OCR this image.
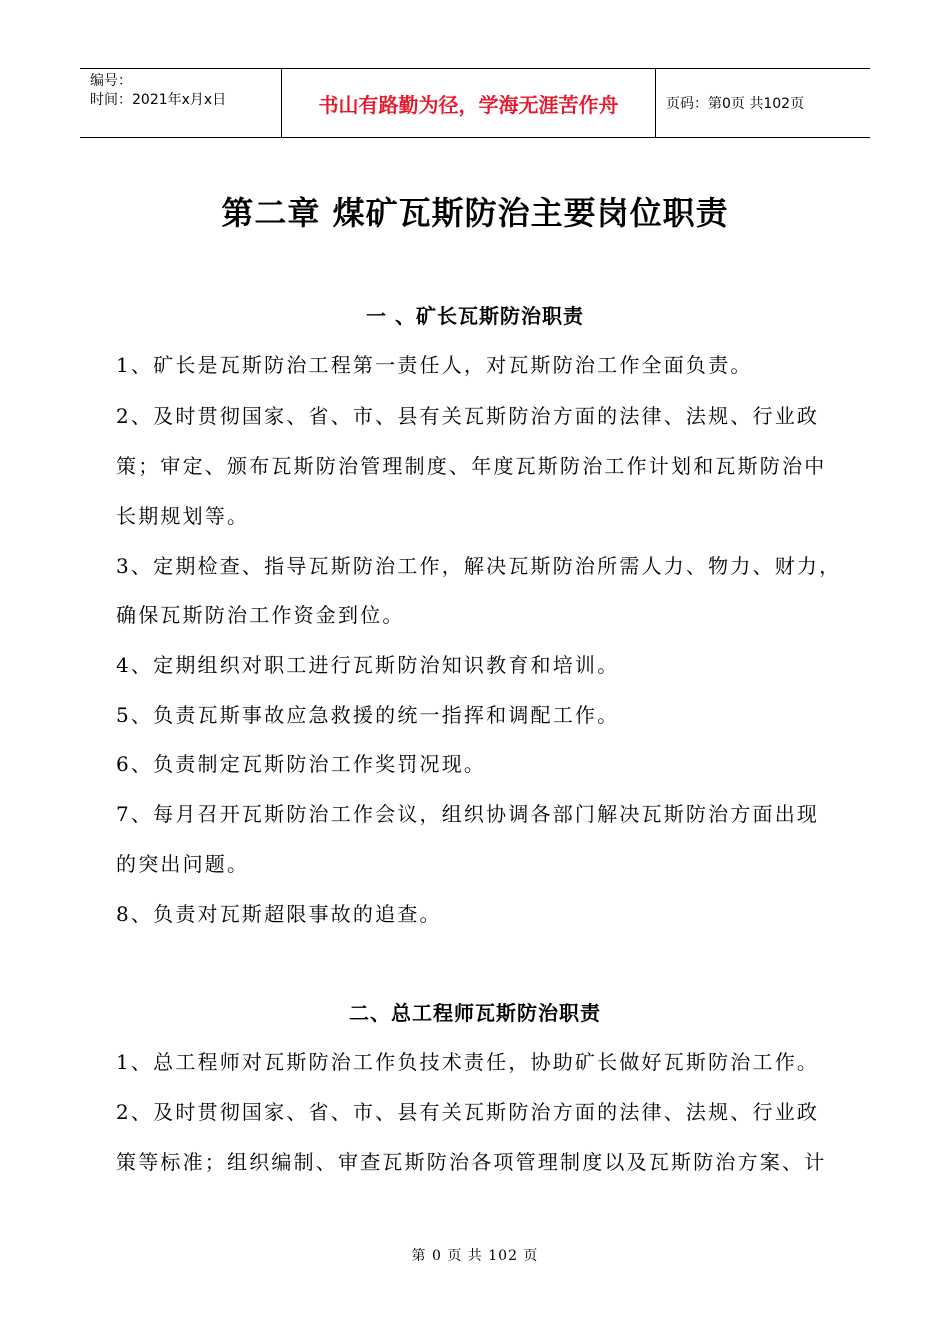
编号：
时间：2021年x月x日	书山有路勤为径，学海无涯苦作舟	页码：第0页 共102页
第二章 煤矿瓦斯防治主要岗位职责
一 、矿长瓦斯防治职责
1、矿长是瓦斯防治工程第一责任人，对瓦斯防治工作全面负责。
2、及时贯彻国家、省、市、县有关瓦斯防治方面的法律、法规、行业政
策；审定、颁布瓦斯防治管理制度、年度瓦斯防治工作计划和瓦斯防治中
长期规划等。
3、定期检查、指导瓦斯防治工作，解决瓦斯防治所需人力、物力、财力，
确保瓦斯防治工作资金到位。
4、定期组织对职工进行瓦斯防治知识教育和培训。
5、负责瓦斯事故应急救援的统一指挥和调配工作。
6、负责制定瓦斯防治工作奖罚况现。
7、每月召开瓦斯防治工作会议，组织协调各部门解决瓦斯防治方面出现
的突出问题。
8、负责对瓦斯超限事故的追查。
二、总工程师瓦斯防治职责
1、总工程师对瓦斯防治工作负技术责任，协助矿长做好瓦斯防治工作。
2、及时贯彻国家、省、市、县有关瓦斯防治方面的法律、法规、行业政
策等标准；组织编制、审查瓦斯防治各项管理制度以及瓦斯防治方案、计
第 0 页 共 102 页
